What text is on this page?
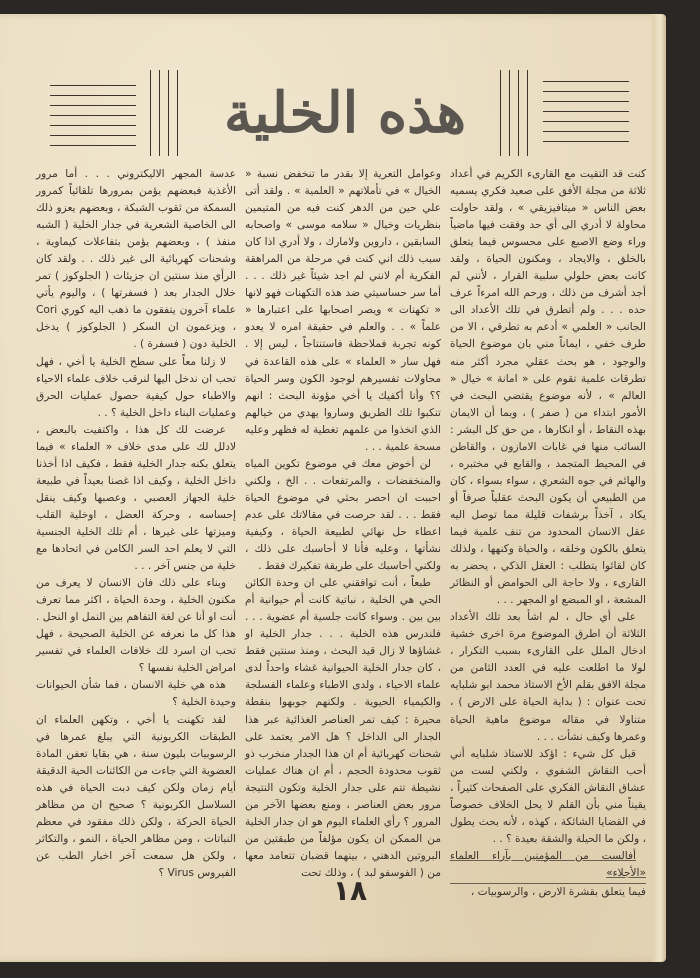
هذه الخلية

كنت قد التقيت مع القارىء الكريم في أعداد ثلاثة من مجلة الأفق على صعيد فكري يسميه بعض الناس « ميتافيزيقي » ، ولقد حاولت محاولة لا أدري الى أي حد وفقت فيها ماضياً وراء وضع الاصبع على محسوس فيما يتعلق بالخلق ، والايجاد ، ومكنون الحياة ، ولقد كانت بعض حلولي سلبية القرار ، لأنني لم أجد أشرف من ذلك ، ورحم الله امرءاً عرف حده . . . ولم أتطرق في تلك الأعداد الى الجانب « العلمي » أدعم به تطرقي ، الا من طرف خفي ، ايماناً مني بان موضوع الحياة والوجود ، هو بحث عقلي مجرد أكثر منه تطرقات علمية تقوم على « امانة » خيال « العالم » ، لأنه موضوع يقتضي البحث في الأمور ابتداء من ( صفر ) ، وبما أن الايمان بهذه النقاط ، أو انكارها ، من حق كل البشر : السائب منها في غابات الامازون ، والقاطن في المحيط المتجمد ، والقابع في مختبره ، والهائم في جوه الشعري ، سواء بسواء ، كان من الطبيعي أن يكون البحث عقلياً صرفاً أو يكاد ، آخذاً برشفات قليلة مما توصل اليه عقل الانسان المحدود من تنف علمية فيما يتعلق بالكون وخلقه ، والحياة وكنهها ، ولذلك كان لقائوا يتطلب : العقل الذكي ، يحضر به القارىء ، ولا حاجة الى الحوامض أو النظائر المشعة ، او المبضع او المجهر . . .

على أي حال ، لم اشأ بعد تلك الأعداد الثلاثة أن اطرق الموضوع مرة اخرى خشية ادخال الملل على القارىء بسبب التكرار ، لولا ما اطلعت عليه في العدد الثامن من مجلة الافق بقلم الأخ الاستاذ محمد ابو شلبايه تحت عنوان : ( بداية الحياة على الارض ) ، متناولا في مقاله موضوع ماهية الحياة وعمرها وكيف نشأت . . .

قبل كل شيء : اؤكد للاستاذ شلبايه أني أحب النقاش الشفوي ، ولكني لست من عشاق النقاش الفكري على الصفحات كثيراً ، يقيناً مني بأن القلم لا يحل الخلاف خصوصاً في القضايا الشائكة ، كهذه ، لأنه بحث يطول ، ولكن ما الحيلة والشقة بعيدة ؟ . .

أفالست من المؤمنين بآراء العلماء «الأجلاء»

فيما يتعلق بقشرة الارض ، والرسوبيات ،

وعوامل التعرية إلا بقدر ما تنخفض نسبة « الخيال » في تأملاتهم « العلمية » . ولقد أتى علي حين من الدهر كنت فيه من المتيمين بنظريات وخيال « سلامه موسى » واصحابه السابقين ، داروين ولامارك ، ولا أدري اذا كان سبب ذلك اني كنت في مرحلة من المراهقة الفكرية أم لانني لم اجد شيئاً غير ذلك . . . أما سر حساسيتي ضد هذه التكهنات فهو لانها « تكهنات » ويصر اصحابها على اعتبارها « علماً » . . والعلم في حقيقة امره لا يعدو كونه تجربة فملاحظة فاستنتاجاً ، ليس إلا . فهل سار « العلماء » على هذه القاعدة في محاولات تفسيرهم لوجود الكون وسر الحياة ؟؟ وأنا أكفيك يا أخي مؤونة البحث : انهم تنكبوا تلك الطريق وساروا يهدي من خيالهم الذي اتخذوا من علمهم تغطية له فظهر وعليه مسحة علمية . . .

لن أخوض معك في موضوع تكوين المياه والمنخفضات ، والمرتفعات . . الخ ، ولكني احببت ان احصر بحثي في موضوع الحياة فقط . . . لقد حرصت في مقالاتك على عدم اعطاء حل نهائي لطبيعة الحياة ، وكيفية نشأتها ، وعليه فأنا لا أحاسبك على ذلك ، ولكني أحاسبك على طريقة تفكيرك فقط .

طبعاً ، أنت توافقني على ان وحدة الكائن الحي هي الخلية ، نباتية كانت أم حيوانية أم بين بين . وسواء كانت جلسية أم عضوية . . . فلندرس هذه الخلية . . . جدار الخلية او غشاؤها لا زال قيد البحث ، ومنذ سنتين فقط ، كان جدار الخلية الحيوانية غشاء واحداً لدى علماء الاحياء ، ولدى الاطباء وعلماء الفسلجة والكيمياء الحيوية . ولكنهم جوبهوا بنقطة محيرة : كيف تمر العناصر الغذائية عبر هذا الجدار الى الداخل ؟ هل الامر يعتمد على شحنات كهربائية أم ان هذا الجدار منخرب ذو ثقوب محدودة الحجم ، أم ان هناك عمليات نشيطة تتم على جدار الخلية وتكون النتيجة مرور بعض العناصر ، ومنع بعضها الآخر من المرور ؟ رأي العلماء اليوم هو ان جدار الخلية من الممكن ان يكون مؤلفاً من طبقتين من البروتين الدهني ، بينهما قضبان تتعامد معها من ( الفوسفو لبد ) ، وذلك تحت

عدسة المجهر الاليكتروني . . . أما مرور الأغذية فبعضهم يؤمن بمرورها تلقائياً كمرور السمكة من ثقوب الشبكة ، وبعضهم يعزو ذلك الى الخاصية الشعرية في جدار الخلية ( الشبه منفذ ) ، وبعضهم يؤمن بتفاعلات كيماوية ، وشحنات كهربائية الى غير ذلك . . ولقد كان الرأي منذ سنتين ان جزيئات ( الجلوكوز ) تمر خلال الجدار بعد ( فسفرتها ) ، واليوم يأتي علماء آخرون يتفقون ما ذهب اليه كوري Cori ، ويزعمون ان السكر ( الجلوكوز ) يدخل الخلية دون ( فسفرة ) .

لا زلنا معاً على سطح الخلية يا أخي ، فهل تحب ان ندخل اليها لنرقب خلاف علماء الاحياء والاطباء حول كيفية حصول عمليات الحرق وعمليات البناء داخل الخلية ؟ . .

عرضت لك كل هذا ، واكتفيت بالبعض ، لادلل لك على مدى خلاف « العلماء » فيما يتعلق بكنه جدار الخلية فقط ، فكيف اذا أخذنا داخل الخلية ، وكيف اذا غصنا بعيداً في طبيعة خلية الجهاز العصبي ، وعصبها وكيف ينقل إحساسه ، وحركة العضل ، اوخلية القلب وميزتها على غيرها ، أم تلك الخلية الجنسية التي لا يعلم احد السر الكامن في اتحادها مع خلية من جنس آخر . . .

وبناء على ذلك فان الانسان لا يعرف من مكنون الخلية ، وحدة الحياة ، اكثر مما تعرف أنت او أنا عن لغة التفاهم بين النمل او النحل . هذا كل ما نعرفه عن الخلية الصحيحة ، فهل تحب ان اسرد لك خلافات العلماء في تفسير امراض الخلية نفسها ؟

هذه هي خلية الانسان ، فما شأن الحيوانات وحيدة الخلية ؟

لقد تكهنت يا أخي ، وتكهن العلماء ان الطبقات الكربونية التي يبلغ عمرها في الرسوبيات بليون سنة ، هي بقايا تعفن المادة العضوية التي جاءت من الكائنات الحية الدقيقة أيام زمان ولكن كيف دبت الحياة في هذه السلاسل الكربونية ؟ صحيح ان من مظاهر الحياة الحركة ، ولكن ذلك مفقود في معظم النباتات ، ومن مظاهر الحياة ، النمو ، والتكاثر ، ولكن هل سمعت آخر اخبار الطب عن الفيروس Virus ؟

١٨
